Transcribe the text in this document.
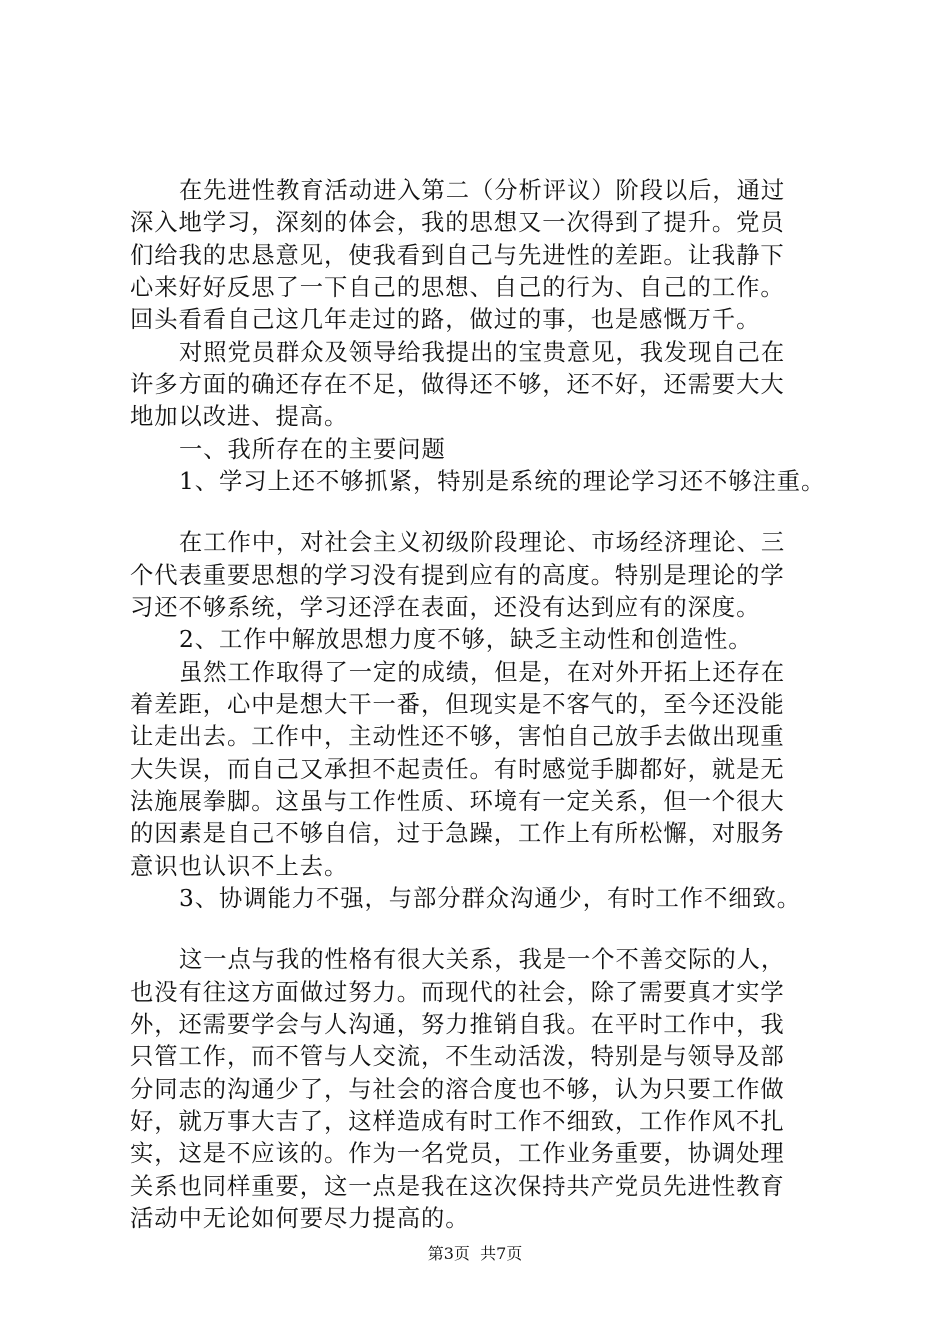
在先进性教育活动进入第二（分析评议）阶段以后，通过
深入地学习，深刻的体会，我的思想又一次得到了提升。党员
们给我的忠恳意见，使我看到自己与先进性的差距。让我静下
心来好好反思了一下自己的思想、自己的行为、自己的工作。
回头看看自己这几年走过的路，做过的事，也是感慨万千。
对照党员群众及领导给我提出的宝贵意见，我发现自己在
许多方面的确还存在不足，做得还不够，还不好，还需要大大
地加以改进、提高。
一、我所存在的主要问题
1、学习上还不够抓紧，特别是系统的理论学习还不够注重。
在工作中，对社会主义初级阶段理论、市场经济理论、三
个代表重要思想的学习没有提到应有的高度。特别是理论的学
习还不够系统，学习还浮在表面，还没有达到应有的深度。
2、工作中解放思想力度不够，缺乏主动性和创造性。
虽然工作取得了一定的成绩，但是，在对外开拓上还存在
着差距，心中是想大干一番，但现实是不客气的，至今还没能
让走出去。工作中，主动性还不够，害怕自己放手去做出现重
大失误，而自己又承担不起责任。有时感觉手脚都好，就是无
法施展拳脚。这虽与工作性质、环境有一定关系，但一个很大
的因素是自己不够自信，过于急躁，工作上有所松懈，对服务
意识也认识不上去。
3、协调能力不强，与部分群众沟通少，有时工作不细致。
这一点与我的性格有很大关系，我是一个不善交际的人，
也没有往这方面做过努力。而现代的社会，除了需要真才实学
外，还需要学会与人沟通，努力推销自我。在平时工作中，我
只管工作，而不管与人交流，不生动活泼，特别是与领导及部
分同志的沟通少了，与社会的溶合度也不够，认为只要工作做
好，就万事大吉了，这样造成有时工作不细致，工作作风不扎
实，这是不应该的。作为一名党员，工作业务重要，协调处理
关系也同样重要，这一点是我在这次保持共产党员先进性教育
活动中无论如何要尽力提高的。
第3页  共7页
